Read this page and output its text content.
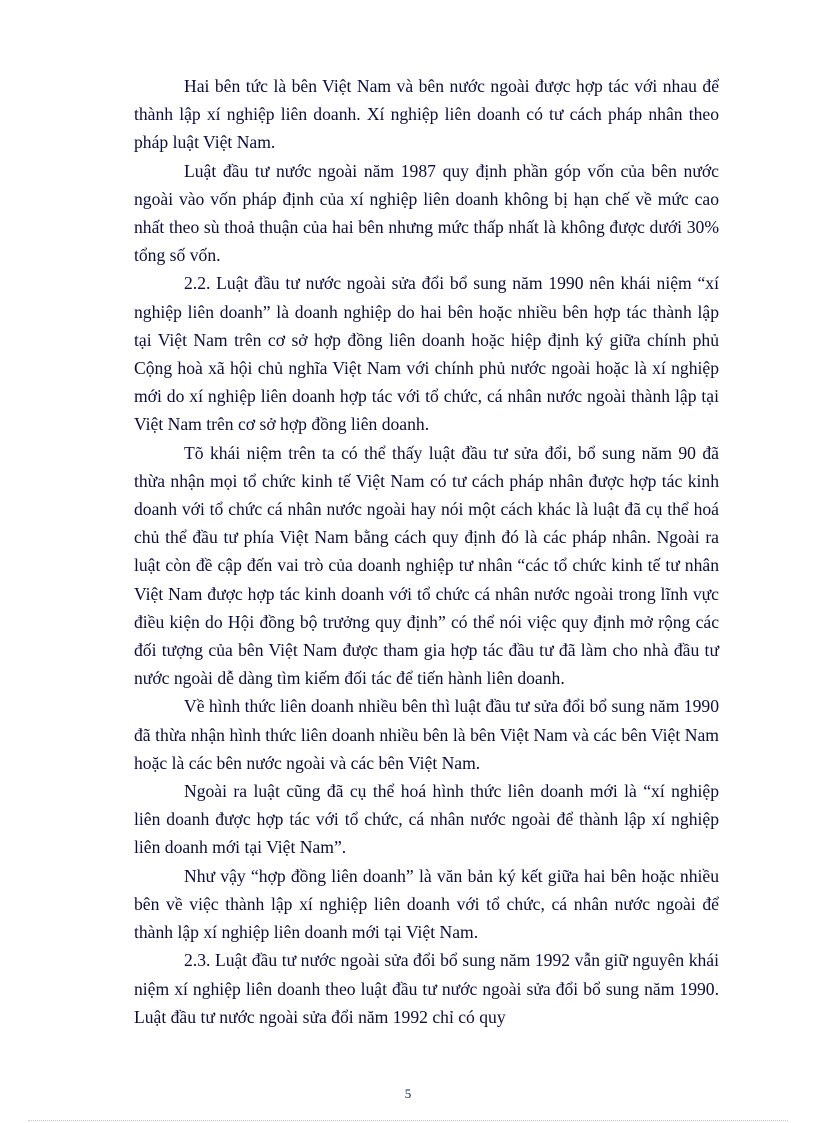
Hai bên tức là bên Việt Nam và bên nước ngoài được hợp tác với nhau để thành lập xí nghiệp liên doanh. Xí nghiệp liên doanh có tư cách pháp nhân theo pháp luật Việt Nam.

Luật đầu tư nước ngoài năm 1987 quy định phần góp vốn của bên nước ngoài vào vốn pháp định của xí nghiệp liên doanh không bị hạn chế về mức cao nhất theo sù thoả thuận của hai bên nhưng mức thấp nhất là không được dưới 30% tổng số vốn.

2.2. Luật đầu tư nước ngoài sửa đổi bổ sung năm 1990 nên khái niệm “xí nghiệp liên doanh” là doanh nghiệp do hai bên hoặc nhiều bên hợp tác thành lập tại Việt Nam trên cơ sở hợp đồng liên doanh hoặc hiệp định ký giữa chính phủ Cộng hoà xã hội chủ nghĩa Việt Nam với chính phủ nước ngoài hoặc là xí nghiệp mới do xí nghiệp liên doanh hợp tác với tổ chức, cá nhân nước ngoài thành lập tại Việt Nam trên cơ sở hợp đồng liên doanh.

Tõ khái niệm trên ta có thể thấy luật đầu tư sửa đổi, bổ sung năm 90 đã thừa nhận mọi tổ chức kinh tế Việt Nam có tư cách pháp nhân được hợp tác kinh doanh với tổ chức cá nhân nước ngoài hay nói một cách khác là luật đã cụ thể hoá chủ thể đầu tư phía Việt Nam bằng cách quy định đó là các pháp nhân. Ngoài ra luật còn đề cập đến vai trò của doanh nghiệp tư nhân “các tổ chức kinh tế tư nhân Việt Nam được hợp tác kinh doanh với tổ chức cá nhân nước ngoài trong lĩnh vực điều kiện do Hội đồng bộ trưởng quy định” có thể nói việc quy định mở rộng các đối tượng của bên Việt Nam được tham gia hợp tác đầu tư đã làm cho nhà đầu tư nước ngoài dễ dàng tìm kiếm đối tác để tiến hành liên doanh.

Về hình thức liên doanh nhiều bên thì luật đầu tư sửa đổi bổ sung năm 1990 đã thừa nhận hình thức liên doanh nhiều bên là bên Việt Nam và các bên Việt Nam hoặc là các bên nước ngoài và các bên Việt Nam.

Ngoài ra luật cũng đã cụ thể hoá hình thức liên doanh mới là “xí nghiệp liên doanh được hợp tác với tổ chức, cá nhân nước ngoài để thành lập xí nghiệp liên doanh mới tại Việt Nam”.

Như vậy “hợp đồng liên doanh” là văn bản ký kết giữa hai bên hoặc nhiều bên về việc thành lập xí nghiệp liên doanh với tổ chức, cá nhân nước ngoài để thành lập xí nghiệp liên doanh mới tại Việt Nam.

2.3. Luật đầu tư nước ngoài sửa đổi bổ sung năm 1992 vẫn giữ nguyên khái niệm xí nghiệp liên doanh theo luật đầu tư nước ngoài sửa đổi bổ sung năm 1990. Luật đầu tư nước ngoài sửa đổi năm 1992 chỉ có quy

5
